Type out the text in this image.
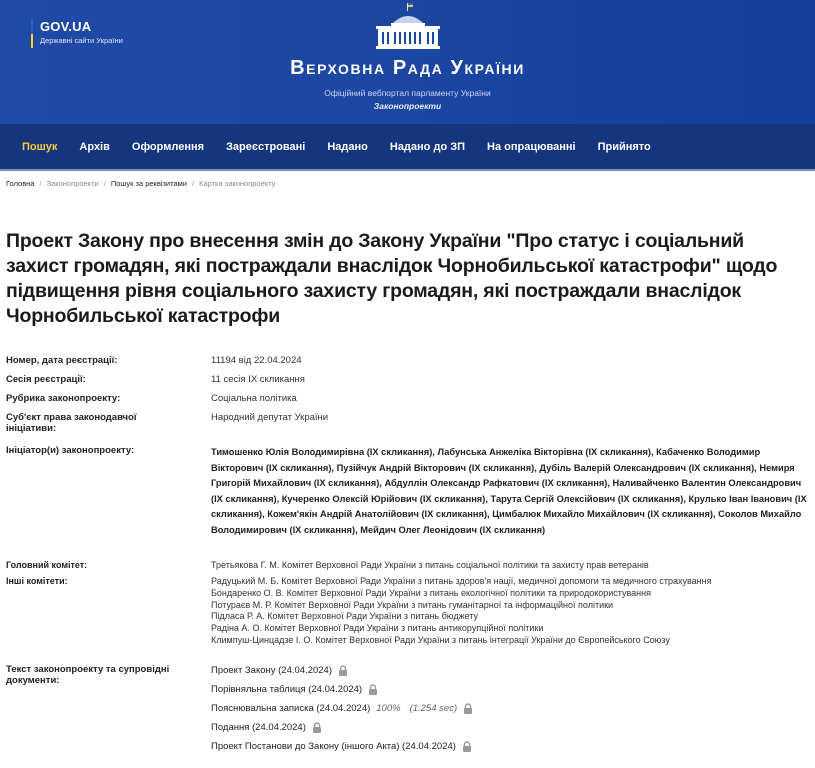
GOV.UA
Державні сайти України
Верховна Рада України
Офіційний вебпортал парламенту України
Законопроекти
Пошук Архів Оформлення Зареєстровані Надано Надано до ЗП На опрацюванні Прийнято
Головна / Законопроекти / Пошук за реквізитами / Картка законопроекту
Проект Закону про внесення змін до Закону України "Про статус і соціальний захист громадян, які постраждали внаслідок Чорнобильської катастрофи" щодо підвищення рівня соціального захисту громадян, які постраждали внаслідок Чорнобильської катастрофи
Номер, дата реєстрації:	11194 від 22.04.2024
Сесія реєстрації:	11 сесія IX скликання
Рубрика законопроекту:	Соціальна політика
Суб'єкт права законодавчої ініціативи:
Народний депутат України
Ініціатор(и) законопроекту:	Тимошенко Юлія Володимирівна (IX скликання), Лабунська Анжеліка Вікторівна (IX скликання), Кабаченко Володимир Вікторович (IX скликання), Пузійчук Андрій Вікторович (IX скликання), Дубіль Валерій Олександрович (IX скликання), Немиря Григорій Михайлович (IX скликання), Абдуллін Олександр Рафкатович (IX скликання), Наливайченко Валентин Олександрович (IX скликання), Кучеренко Олексій Юрійович (IX скликання), Тарута Сергій Олексійович (IX скликання), Крулько Іван Іванович (IX скликання), Кожем'якін Андрій Анатолійович (IX скликання), Цимбалюк Михайло Михайлович (IX скликання), Соколов Михайло Володимирович (IX скликання), Мейдич Олег Леонідович (IX скликання)
Головний комітет:	Третьякова Г. М. Комітет Верховної Ради України з питань соціальної політики та захисту прав ветеранів
Інші комітети:	Радуцький М. Б. Комітет Верховної Ради України з питань здоров'я нації, медичної допомоги та медичного страхування
Бондаренко О. В. Комітет Верховної Ради України з питань екологічної політики та природокористування
Потураєв М. Р. Комітет Верховної Ради України з питань гуманітарної та інформаційної політики
Підласа Р. А. Комітет Верховної Ради України з питань бюджету
Радіна А. О. Комітет Верховної Ради України з питань антикорупційної політики
Климпуш-Цинцадзе І. О. Комітет Верховної Ради України з питань інтеграції України до Європейського Союзу
Текст законопроекту та супровідні документи:
Проект Закону (24.04.2024)
Порівняльна таблиця (24.04.2024)
Пояснювальна записка (24.04.2024) 100% (1.254 sec)
Подання (24.04.2024)
Проект Постанови до Закону (іншого Акта) (24.04.2024)
